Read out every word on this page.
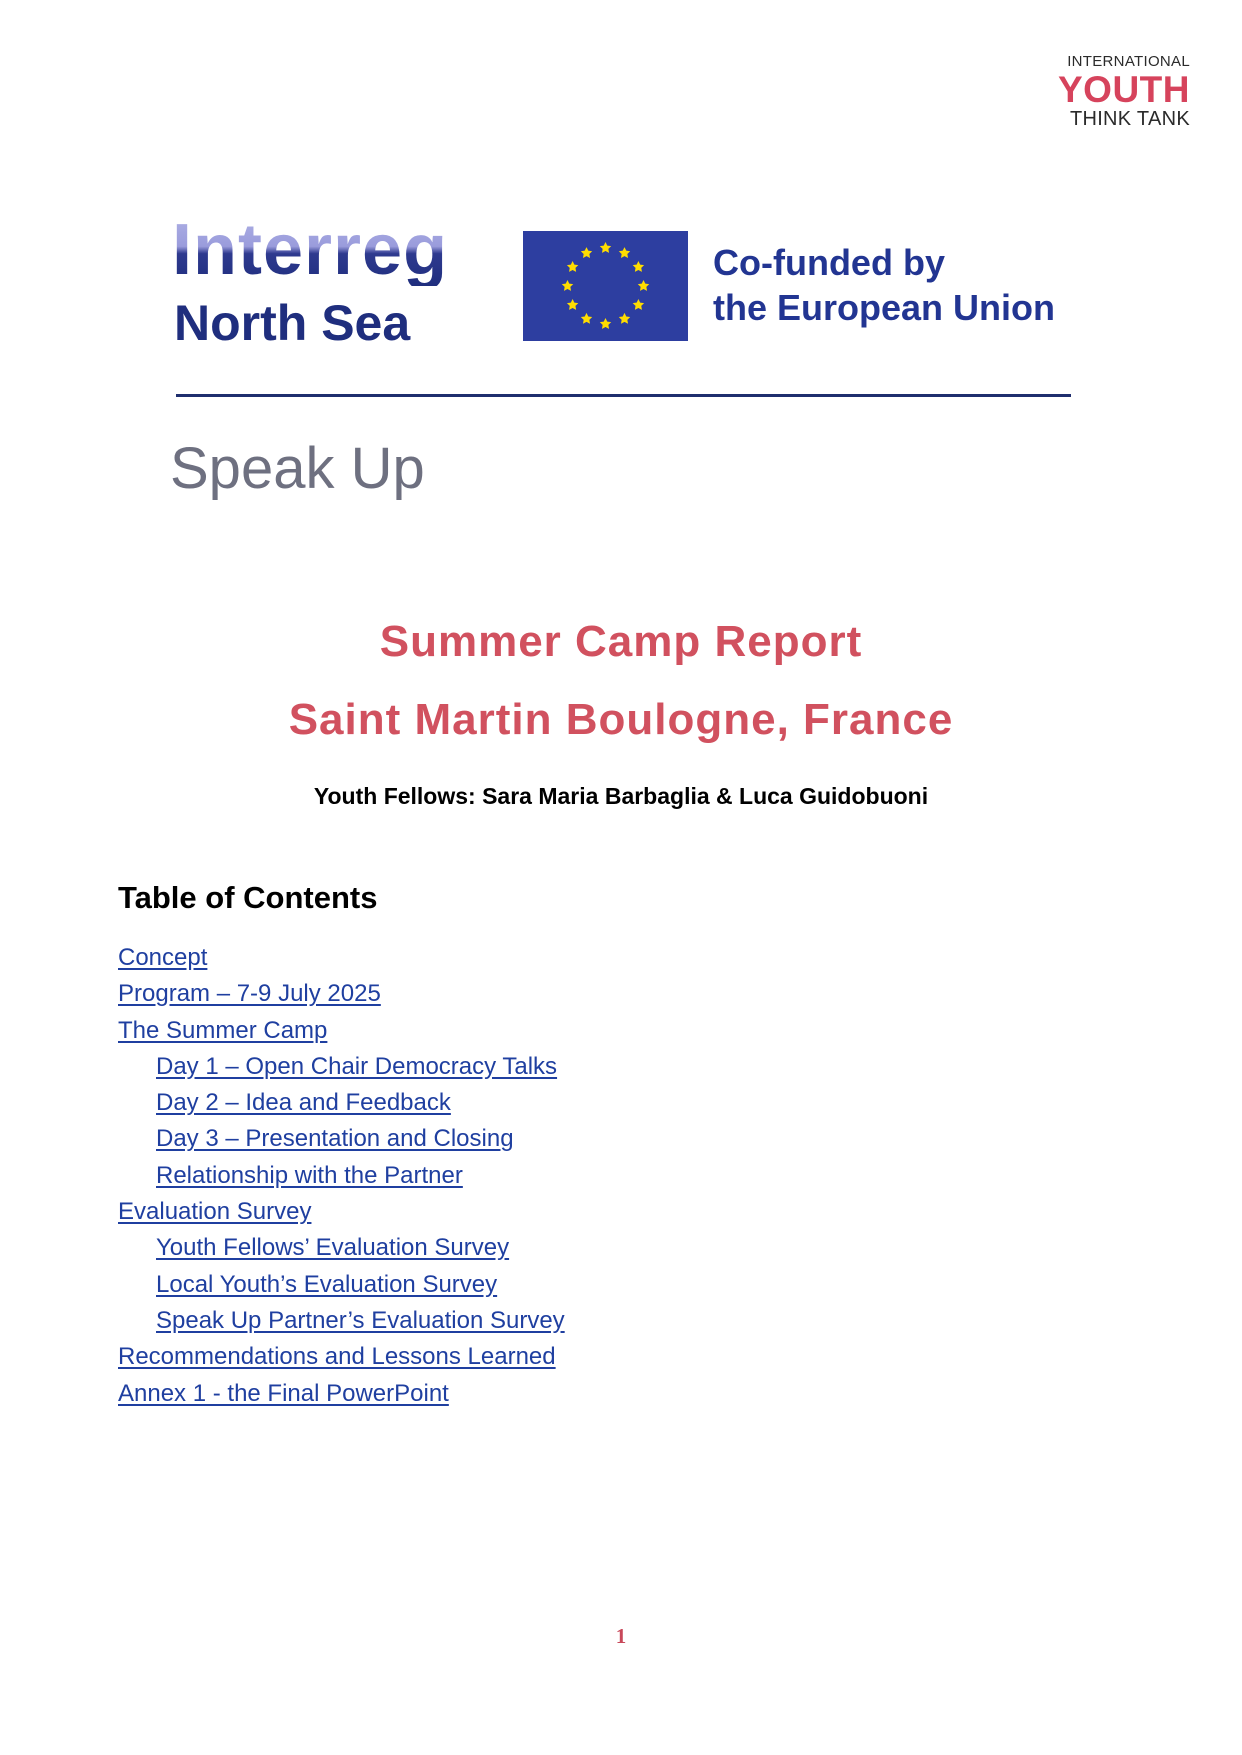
INTERNATIONAL
YOUTH
THINK TANK
Interreg
North Sea
Co-funded by
the European Union
Speak Up
Summer Camp Report
Saint Martin Boulogne, France
Youth Fellows: Sara Maria Barbaglia & Luca Guidobuoni
Table of Contents
Concept
Program – 7-9 July 2025
The Summer Camp
Day 1 – Open Chair Democracy Talks
Day 2 – Idea and Feedback
Day 3 – Presentation and Closing
Relationship with the Partner
Evaluation Survey
Youth Fellows’ Evaluation Survey
Local Youth’s Evaluation Survey
Speak Up Partner’s Evaluation Survey
Recommendations and Lessons Learned
Annex 1 - the Final PowerPoint
1
